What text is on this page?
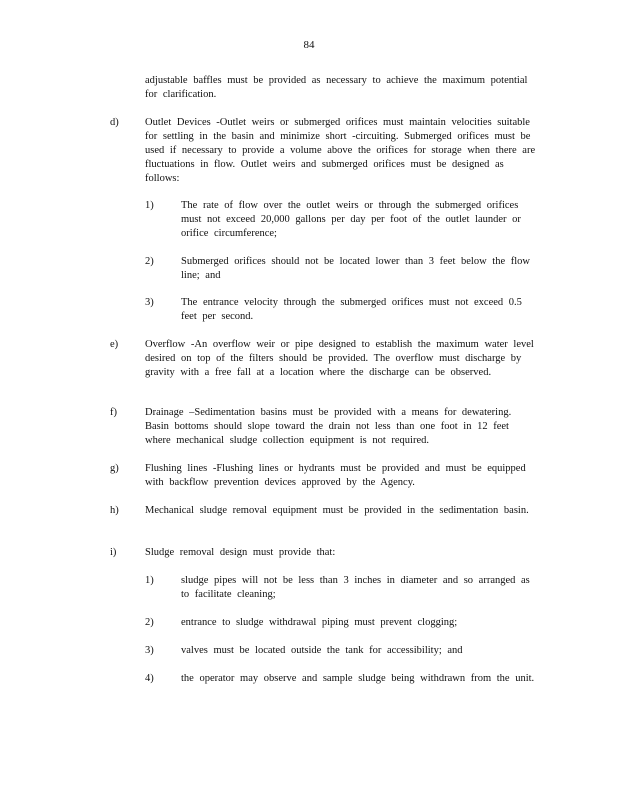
84

adjustable baffles must be provided as necessary to achieve the maximum potential for clarification.

d)	Outlet Devices -Outlet weirs or submerged orifices must maintain velocities suitable for settling in the basin and minimize short -circuiting. Submerged orifices must be used if necessary to provide a volume above the orifices for storage when there are fluctuations in flow. Outlet weirs and submerged orifices must be designed as follows:

1)	The rate of flow over the outlet weirs or through the submerged orifices must not exceed 20,000 gallons per day per foot of the outlet launder or orifice circumference;

2)	Submerged orifices should not be located lower than 3 feet below the flow line; and

3)	The entrance velocity through the submerged orifices must not exceed 0.5 feet per second.

e)	Overflow -An overflow weir or pipe designed to establish the maximum water level desired on top of the filters should be provided. The overflow must discharge by gravity with a free fall at a location where the discharge can be observed.

f)	Drainage –Sedimentation basins must be provided with a means for dewatering. Basin bottoms should slope toward the drain not less than one foot in 12 feet where mechanical sludge collection equipment is not required.

g)	Flushing lines -Flushing lines or hydrants must be provided and must be equipped with backflow prevention devices approved by the Agency.

h)	Mechanical sludge removal equipment must be provided in the sedimentation basin.

i)	Sludge removal design must provide that:

1)	sludge pipes will not be less than 3 inches in diameter and so arranged as to facilitate cleaning;

2)	entrance to sludge withdrawal piping must prevent clogging;

3)	valves must be located outside the tank for accessibility; and

4)	the operator may observe and sample sludge being withdrawn from the unit.
